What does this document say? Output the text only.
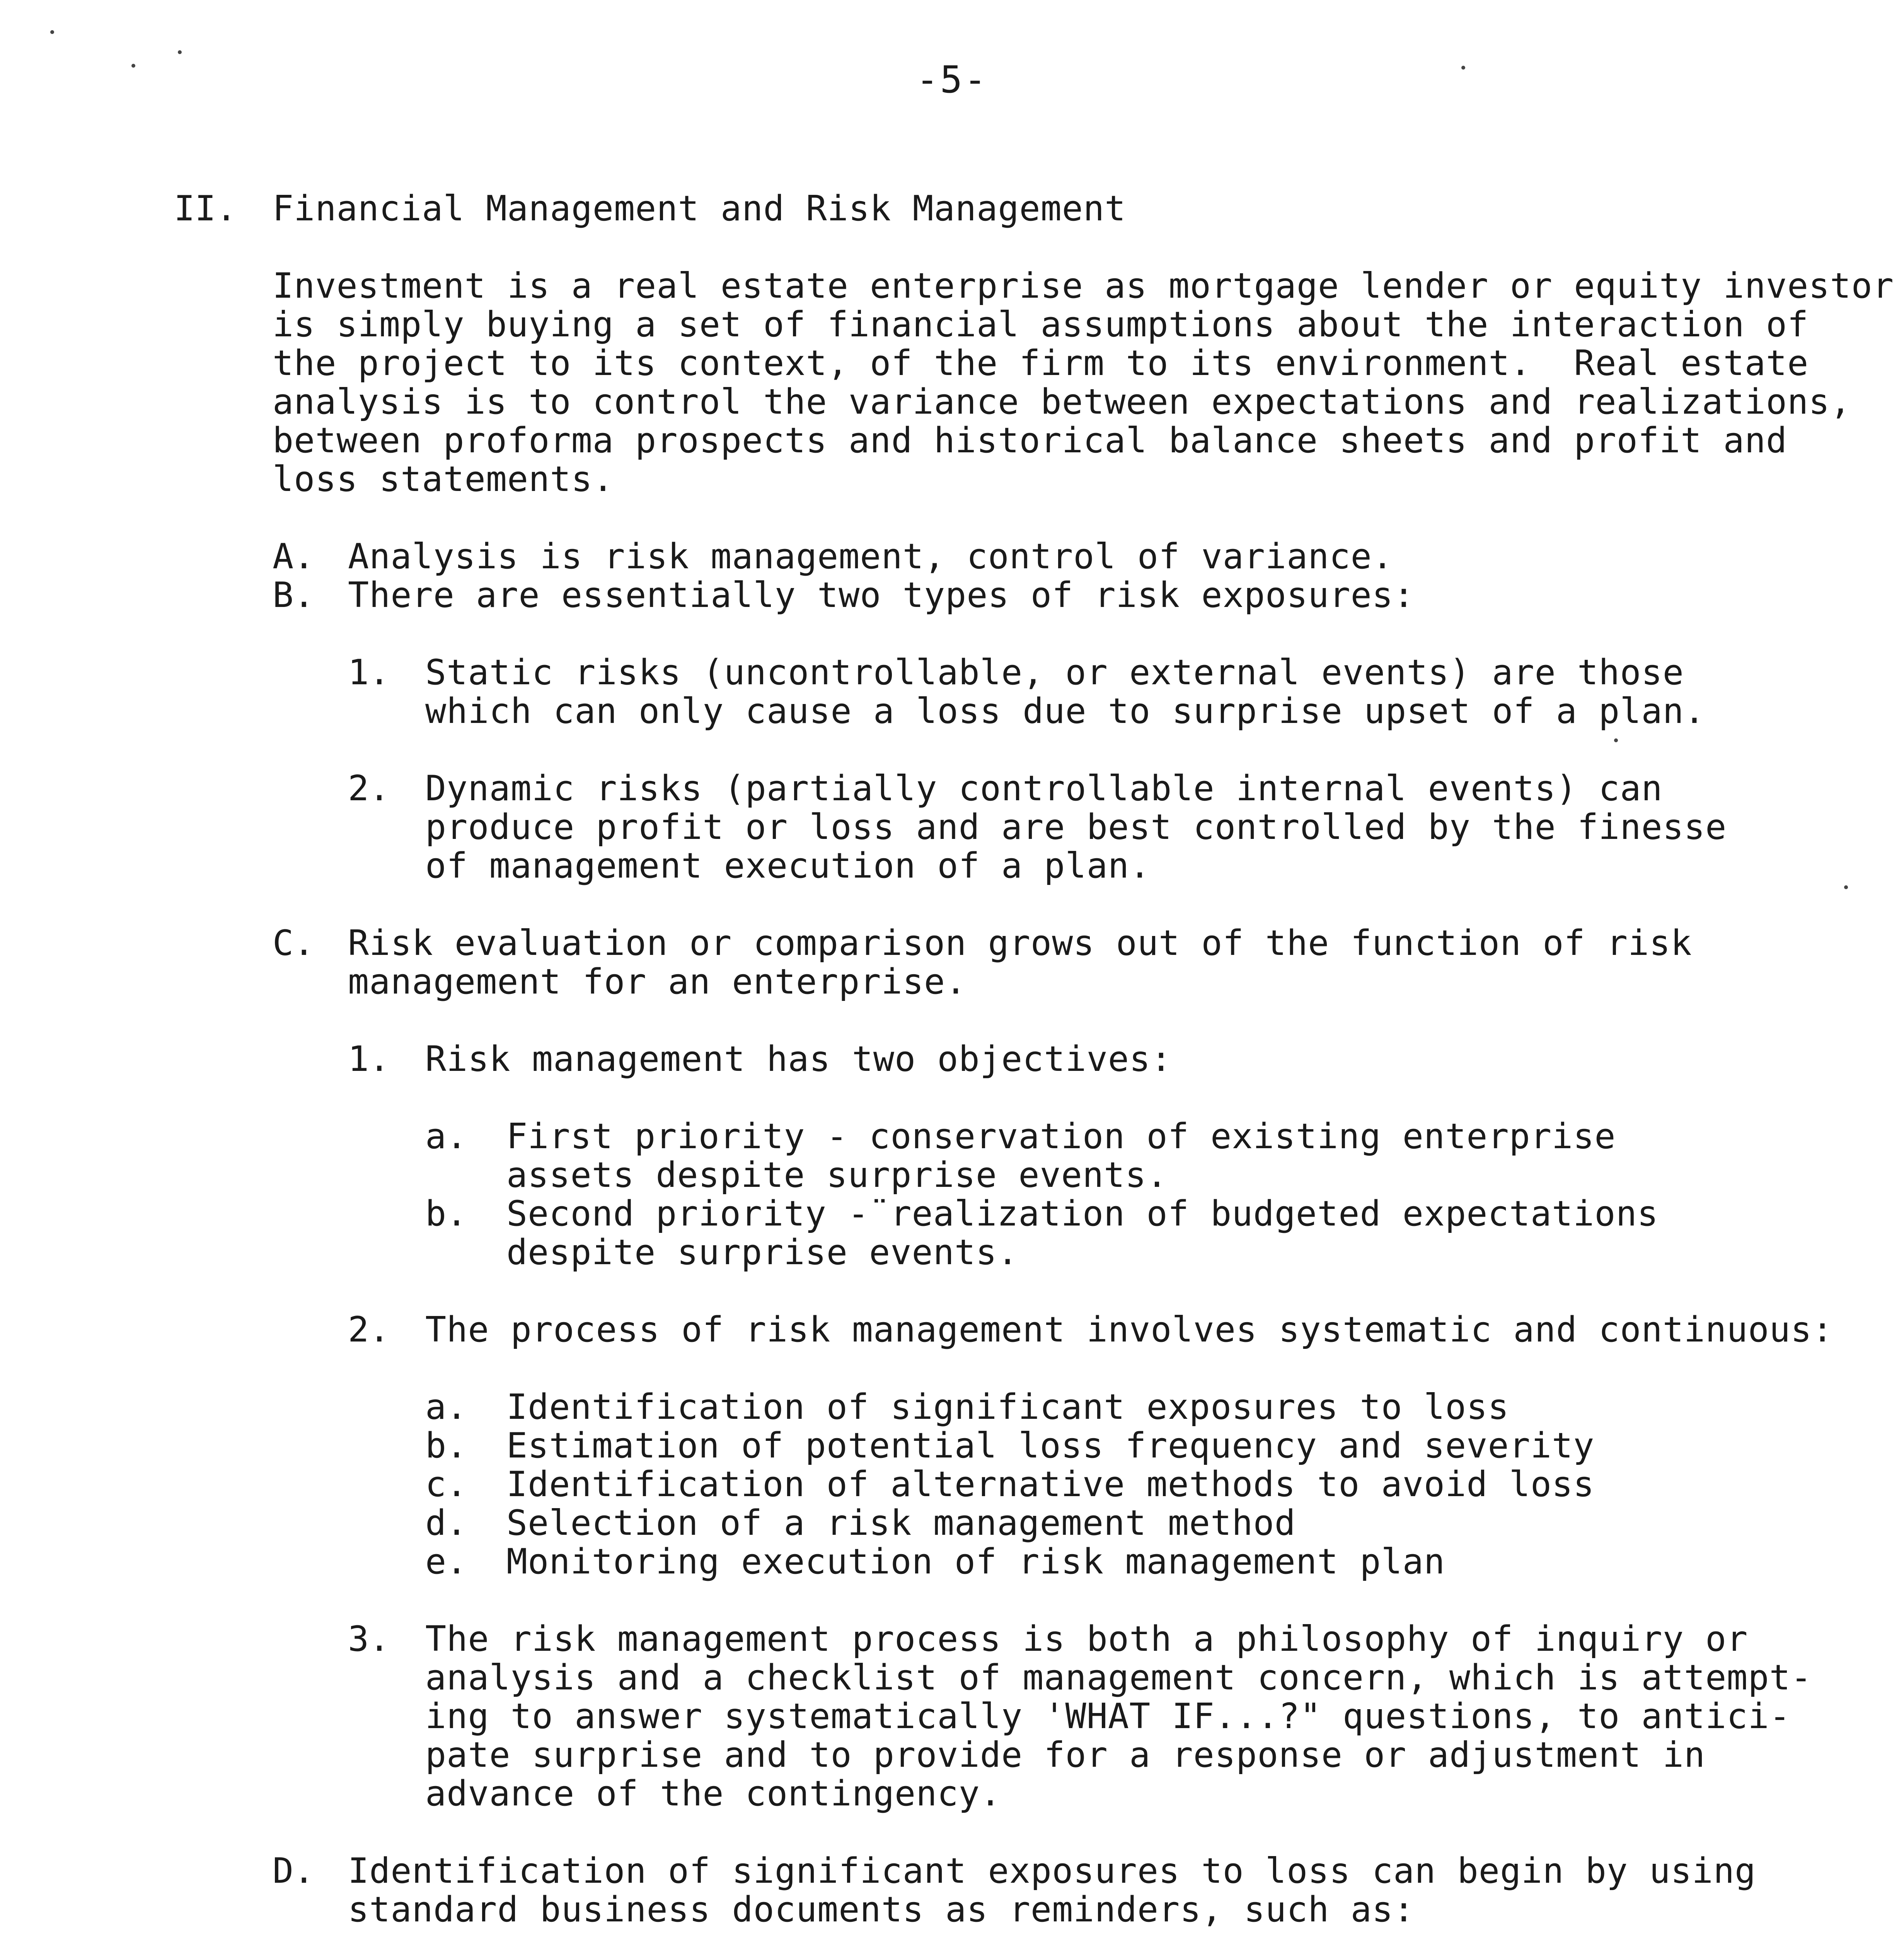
-5-
II. Financial Management and Risk Management
Investment is a real estate enterprise as mortgage lender or equity investor
is simply buying a set of financial assumptions about the interaction of
the project to its context, of the firm to its environment.  Real estate
analysis is to control the variance between expectations and realizations,
between proforma prospects and historical balance sheets and profit and
loss statements.
A. Analysis is risk management, control of variance.
B. There are essentially two types of risk exposures:
1. Static risks (uncontrollable, or external events) are those
which can only cause a loss due to surprise upset of a plan.
2. Dynamic risks (partially controllable internal events) can
produce profit or loss and are best controlled by the finesse
of management execution of a plan.
C. Risk evaluation or comparison grows out of the function of risk
management for an enterprise.
1. Risk management has two objectives:
a. First priority - conservation of existing enterprise
assets despite surprise events.
b. Second priority -¨realization of budgeted expectations
despite surprise events.
2. The process of risk management involves systematic and continuous:
a. Identification of significant exposures to loss
b. Estimation of potential loss frequency and severity
c. Identification of alternative methods to avoid loss
d. Selection of a risk management method
e. Monitoring execution of risk management plan
3. The risk management process is both a philosophy of inquiry or
analysis and a checklist of management concern, which is attempt-
ing to answer systematically 'WHAT IF...?" questions, to antici-
pate surprise and to provide for a response or adjustment in
advance of the contingency.
D. Identification of significant exposures to loss can begin by using
standard business documents as reminders, such as:
